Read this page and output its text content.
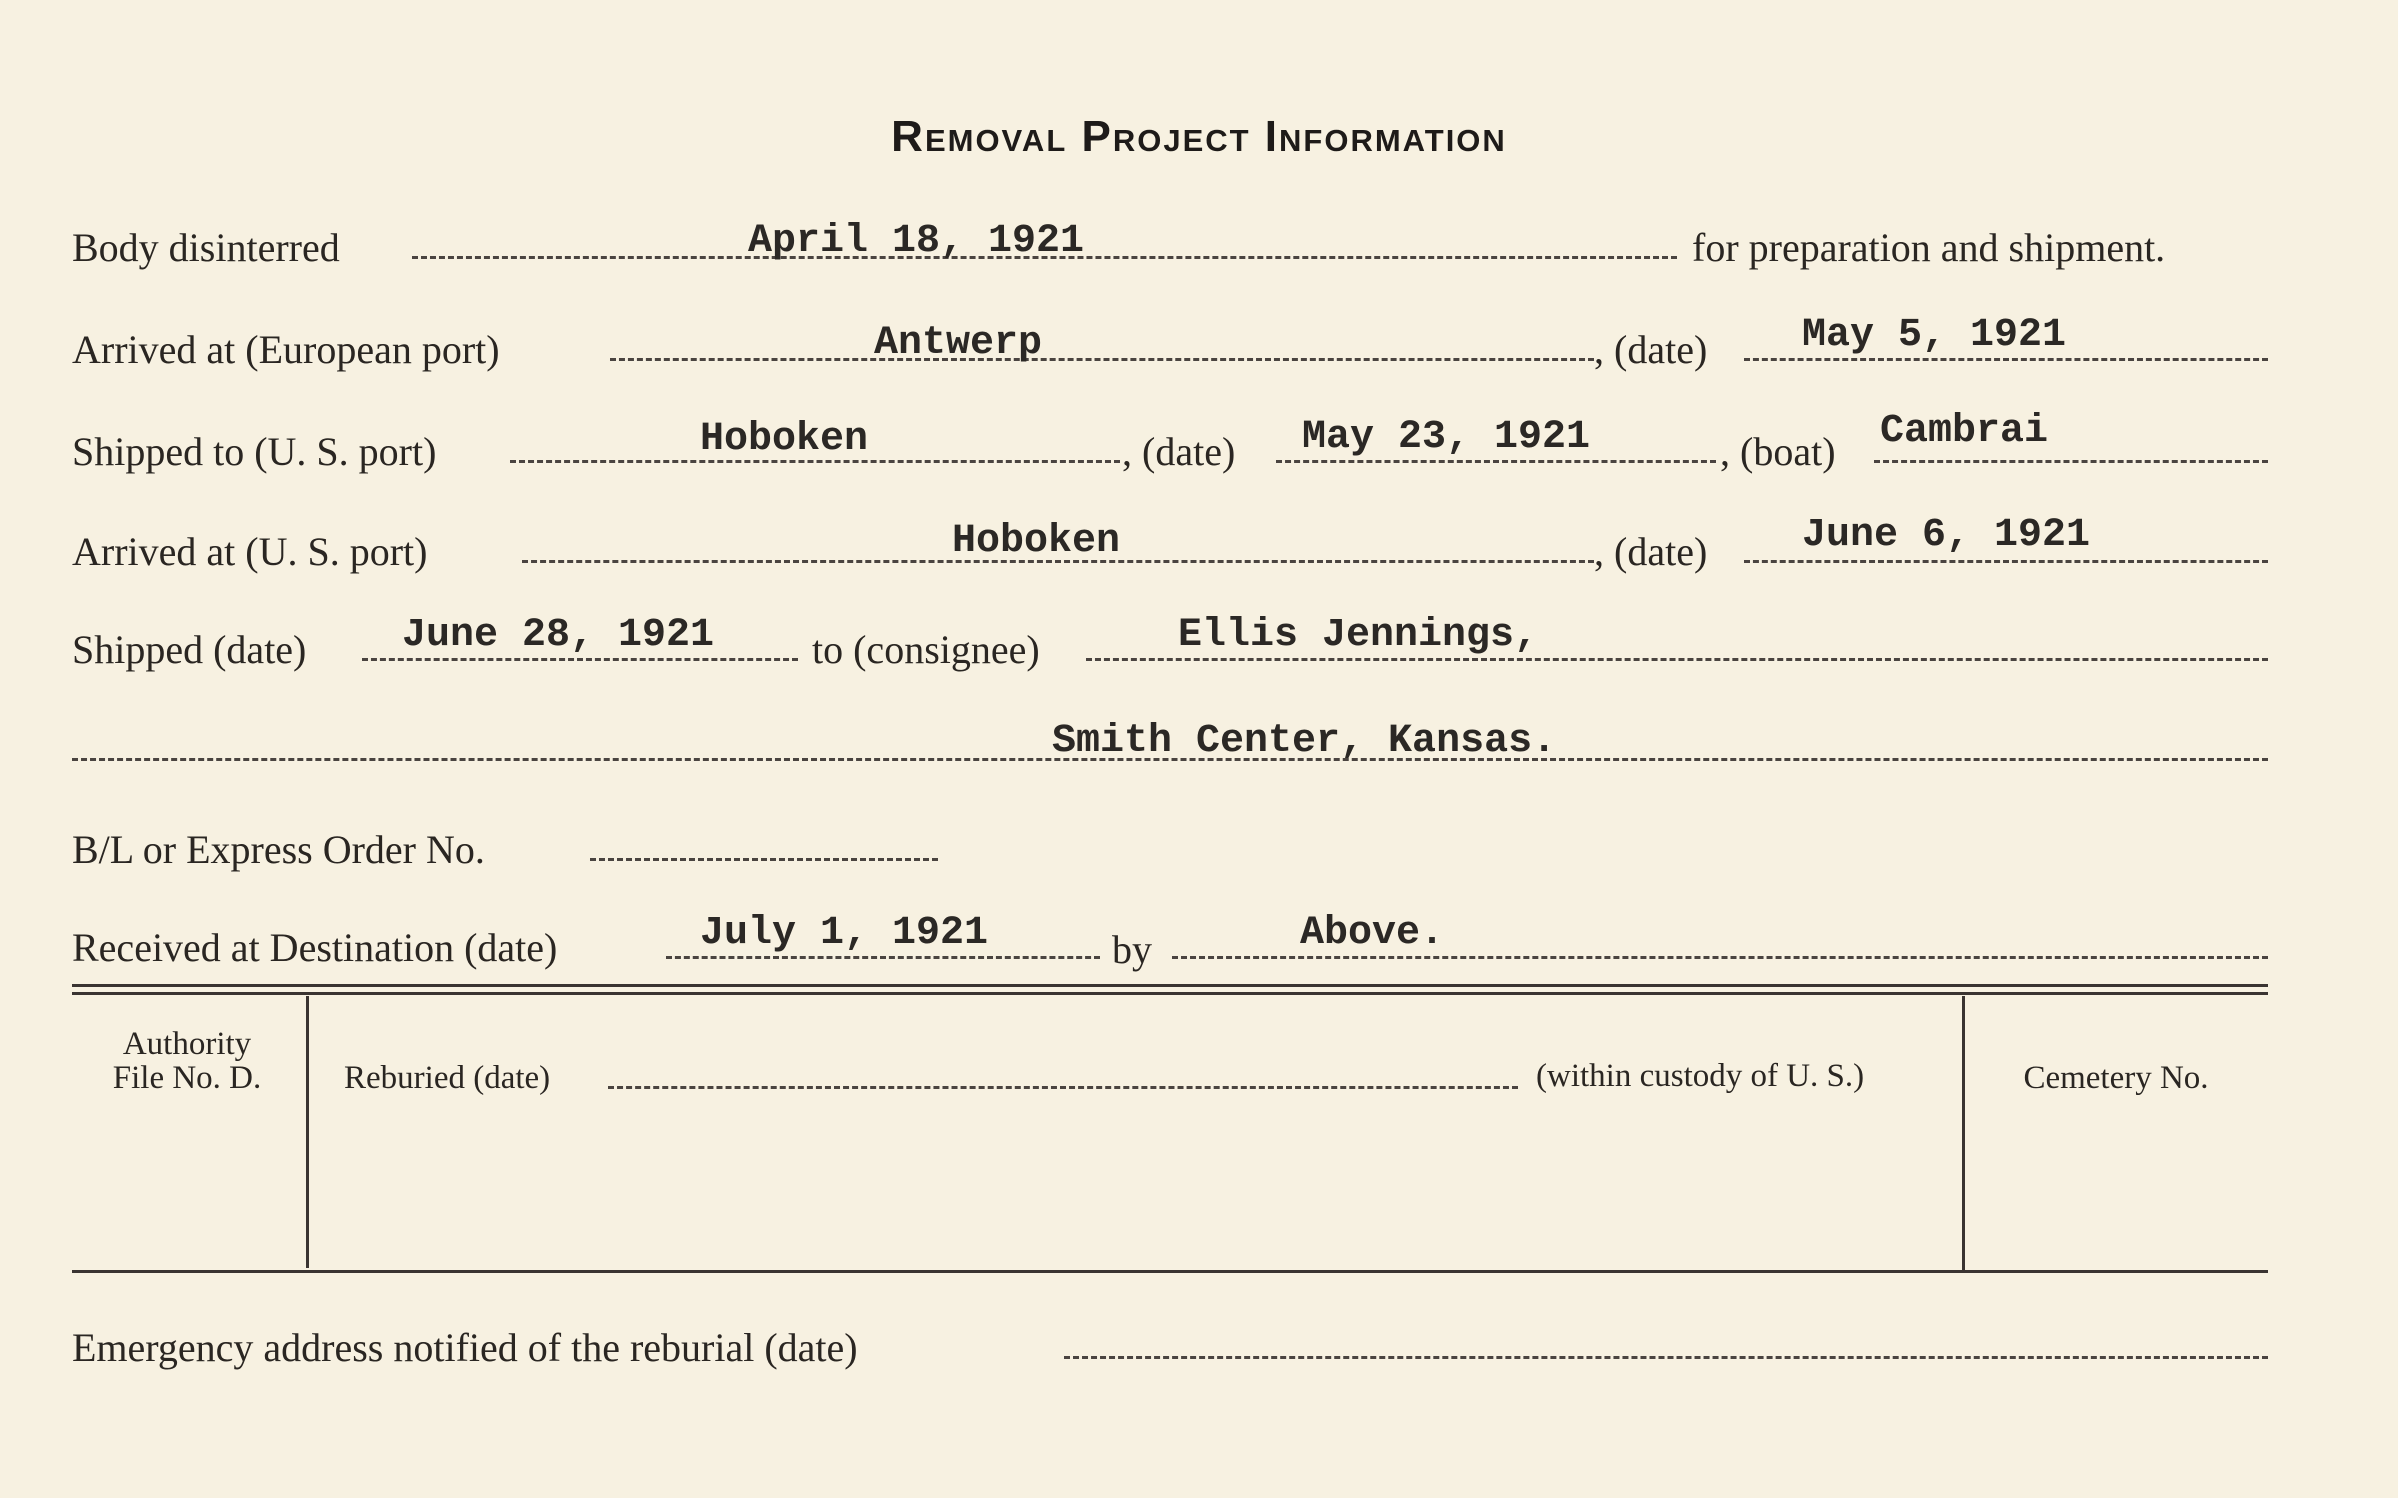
Removal Project Information
Body disinterred	April 18, 1921	for preparation and shipment.
Arrived at (European port)	Antwerp	, (date) May 5, 1921
Shipped to (U. S. port)	Hoboken	, (date) May 23, 1921	, (boat) Cambrai
Arrived at (U. S. port)	Hoboken	, (date) June 6, 1921
Shipped (date) June 28, 1921 to (consignee)	Ellis Jennings,
Smith Center, Kansas.
B/L or Express Order No.
Received at Destination (date)	July 1, 1921	by	Above.
Authority
File No. D.	Reburied (date)	(within custody of U. S.)	Cemetery No.
Emergency address notified of the reburial (date)
